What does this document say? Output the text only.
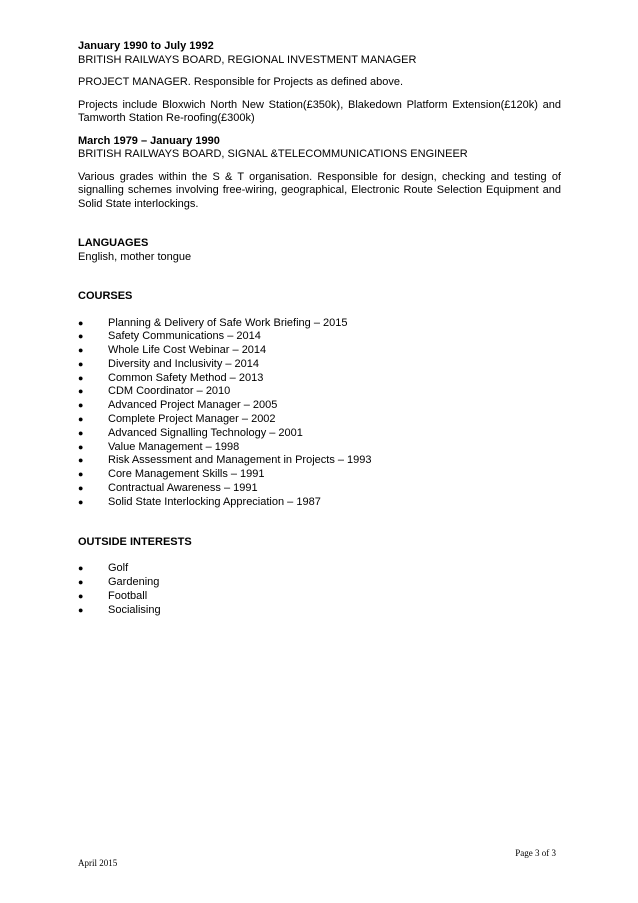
January 1990 to July 1992

BRITISH RAILWAYS BOARD, REGIONAL INVESTMENT MANAGER

PROJECT MANAGER. Responsible for Projects as defined above.

Projects include Bloxwich North New Station(£350k), Blakedown Platform Extension(£120k) and Tamworth Station Re-roofing(£300k)

March 1979 – January 1990

BRITISH RAILWAYS BOARD, SIGNAL &TELECOMMUNICATIONS ENGINEER

Various grades within the S & T organisation. Responsible for design, checking and testing of signalling schemes involving free-wiring, geographical, Electronic Route Selection Equipment and Solid State interlockings.

LANGUAGES

English, mother tongue

COURSES

●	Planning & Delivery of Safe Work Briefing – 2015
●	Safety Communications – 2014
●	Whole Life Cost Webinar – 2014
●	Diversity and Inclusivity – 2014
●	Common Safety Method – 2013
●	CDM Coordinator – 2010
●	Advanced Project Manager – 2005
●	Complete Project Manager – 2002
●	Advanced Signalling Technology – 2001
●	Value Management – 1998
●	Risk Assessment and Management in Projects – 1993
●	Core Management Skills – 1991
●	Contractual Awareness – 1991
●	Solid State Interlocking Appreciation – 1987

OUTSIDE INTERESTS

●	Golf
●	Gardening
●	Football
●	Socialising
Page 3 of 3
April 2015
